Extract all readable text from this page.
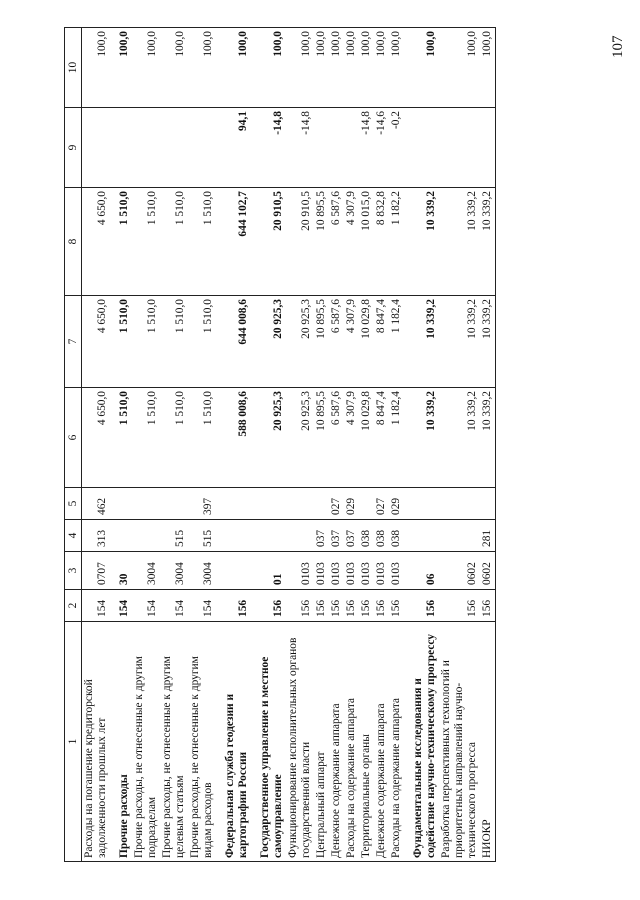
107
1	2	3	4	5	6	7	8	9	10
Расходы на погашение кредиторской задолженности прошлых лет	154	0707	313	462	4 650,0	4 650,0	4 650,0		100,0
Прочие расходы	154	30			1 510,0	1 510,0	1 510,0		100,0
Прочие расходы, не отнесенные к другим подразделам	154	3004			1 510,0	1 510,0	1 510,0		100,0
Прочие расходы, не отнесенные к другим целевым статьям	154	3004	515		1 510,0	1 510,0	1 510,0		100,0
Прочие расходы, не отнесенные к другим видам расходов	154	3004	515	397	1 510,0	1 510,0	1 510,0		100,0
Федеральная служба геодезии и картографии России	156				588 008,6	644 008,6	644 102,7	94,1	100,0
Государственное управление и местное самоуправление	156	01			20 925,3	20 925,3	20 910,5	-14,8	100,0
Функционирование исполнительных органов государственной власти	156	0103			20 925,3	20 925,3	20 910,5	-14,8	100,0
Центральный аппарат	156	0103	037		10 895,5	10 895,5	10 895,5		100,0
Денежное содержание аппарата	156	0103	037	027	6 587,6	6 587,6	6 587,6		100,0
Расходы на содержание аппарата	156	0103	037	029	4 307,9	4 307,9	4 307,9		100,0
Территориальные органы	156	0103	038		10 029,8	10 029,8	10 015,0	-14,8	100,0
Денежное содержание аппарата	156	0103	038	027	8 847,4	8 847,4	8 832,8	-14,6	100,0
Расходы на содержание аппарата	156	0103	038	029	1 182,4	1 182,4	1 182,2	-0,2	100,0
Фундаментальные исследования и содействие научно-техническому прогрессу	156	06			10 339,2	10 339,2	10 339,2		100,0
Разработка перспективных технологий и приоритетных направлений научно-технического прогресса	156	0602			10 339,2	10 339,2	10 339,2		100,0
НИОКР	156	0602	281		10 339,2	10 339,2	10 339,2		100,0
